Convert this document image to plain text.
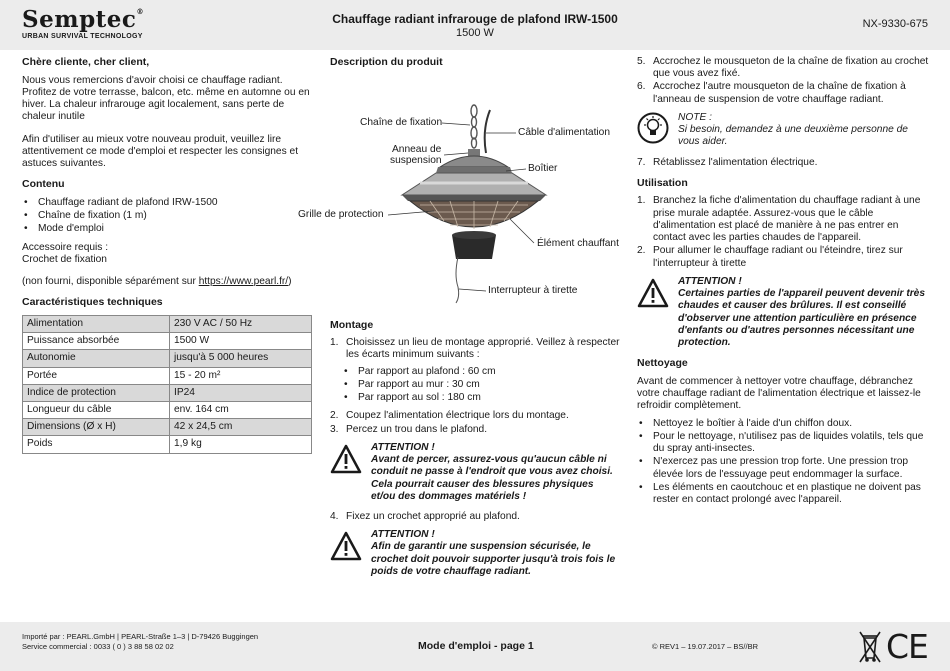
Semptec®
URBAN SURVIVAL TECHNOLOGY
Chauffage radiant infrarouge de plafond IRW-1500
1500 W
NX-9330-675
Chère cliente, cher client,

Nous vous remercions d'avoir choisi ce chauffage radiant. Profitez de votre terrasse, balcon, etc. même en automne ou en hiver. La chaleur infrarouge agit localement, sans perte de chaleur inutile

Afin d'utiliser au mieux votre nouveau produit, veuillez lire attentivement ce mode d'emploi et respecter les consignes et astuces suivantes.

Contenu
• Chauffage radiant de plafond IRW-1500
• Chaîne de fixation (1 m)
• Mode d'emploi
Accessoire requis :
Crochet de fixation

(non fourni, disponible séparément sur https://www.pearl.fr/)

Caractéristiques techniques
Alimentation	230 V AC / 50 Hz
Puissance absorbée	1500 W
Autonomie	jusqu'à 5 000 heures
Portée	15 - 20 m²
Indice de protection	IP24
Longueur du câble	env. 164 cm
Dimensions (Ø x H)	42 x 24,5 cm
Poids	1,9 kg
Description du produit
Chaîne de fixation
Anneau de
suspension
Câble d'alimentation
Boîtier
Grille de protection
Élément chauffant
Interrupteur à tirette
Montage
1. Choisissez un lieu de montage approprié. Veillez à respecter les écarts minimum suivants :
• Par rapport au plafond : 60 cm
• Par rapport au mur : 30 cm
• Par rapport au sol : 180 cm
2. Coupez l'alimentation électrique lors du montage.
3. Percez un trou dans le plafond.
ATTENTION !
Avant de percer, assurez-vous qu'aucun câble ni conduit ne passe à l'endroit que vous avez choisi. Cela pourrait causer des blessures physiques et/ou des dommages matériels !
4. Fixez un crochet approprié au plafond.
ATTENTION !
Afin de garantir une suspension sécurisée, le crochet doit pouvoir supporter jusqu'à trois fois le poids de votre chauffage radiant.
5. Accrochez le mousqueton de la chaîne de fixation au crochet que vous avez fixé.
6. Accrochez l'autre mousqueton de la chaîne de fixation à l'anneau de suspension de votre chauffage radiant.
NOTE :
Si besoin, demandez à une deuxième personne de vous aider.
7. Rétablissez l'alimentation électrique.
Utilisation
1. Branchez la fiche d'alimentation du chauffage radiant à une prise murale adaptée. Assurez-vous que le câble d'alimentation est placé de manière à ne pas entrer en contact avec les parties chaudes de l'appareil.
2. Pour allumer le chauffage radiant ou l'éteindre, tirez sur l'interrupteur à tirette
ATTENTION !
Certaines parties de l'appareil peuvent devenir très chaudes et causer des brûlures. Il est conseillé d'observer une attention particulière en présence d'enfants ou d'autres personnes nécessitant une protection.
Nettoyage

Avant de commencer à nettoyer votre chauffage, débranchez votre chauffage radiant de l'alimentation électrique et laissez-le refroidir complètement.

• Nettoyez le boîtier à l'aide d'un chiffon doux.
• Pour le nettoyage, n'utilisez pas de liquides volatils, tels que du spray anti-insectes.
• N'exercez pas une pression trop forte. Une pression trop élevée lors de l'essuyage peut endommager la surface.
• Les éléments en caoutchouc et en plastique ne doivent pas rester en contact prolongé avec l'appareil.
Importé par : PEARL.GmbH | PEARL-Straße 1–3 | D-79426 Buggingen
Service commercial : 0033 ( 0 ) 3 88 58 02 02	Mode d'emploi - page 1	© REV1 – 19.07.2017 – BS//BR	CE
